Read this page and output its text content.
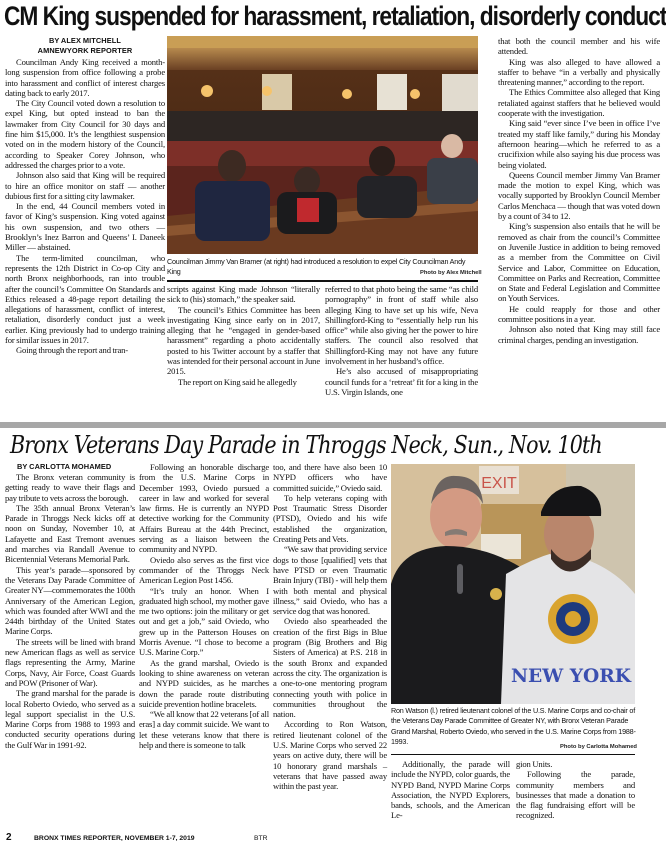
CM King suspended for harassment, retaliation, disorderly conduct
BY ALEX MITCHELL
AMNEWYORK REPORTER

Councilman Andy King received a month-long suspension from office following a probe into harassment and conflict of interest charges dating back to early 2017.

The City Council voted down a resolution to expel King, but opted instead to ban the lawmaker from City Council for 30 days and fine him $15,000. It’s the lengthiest suspension voted on in the modern history of the Council, according to Speaker Corey Johnson, who addressed the charges prior to a vote.

Johnson also said that King will be required to hire an office monitor on staff — another dubious first for a sitting city lawmaker.

In the end, 44 Council members voted in favor of King’s suspension. King voted against his own suspension, and two others — Brooklyn’s Inez Barron and Queens’ I. Daneek Miller — abstained.

The term-limited councilman, who represents the 12th District in Co-op City and north Bronx neighborhoods, ran into trouble after the council’s Committee On Standards and Ethics released a 48-page report detailing the allegations of harassment, conflict of interest, retaliation, disorderly conduct just a week earlier. King previously had to undergo training for similar issues in 2017.

Going through the report and tran-

Councilman Jimmy Van Bramer (at right) had introduced a resolution to expel City Councilman Andy King	Photo by Alex Mitchell

scripts against King made Johnson “literally sick to (his) stomach,” the speaker said.

The council’s Ethics Committee has been investigating King since early on in 2017, alleging that he “engaged in gender-based harassment” regarding a photo accidentally posted to his Twitter account by a staffer that was intended for their personal account in June 2015.

The report on King said he allegedly

referred to that photo being the same “as child pornography” in front of staff while also alleging King to have set up his wife, Neva Shillingford-King to “essentially help run his office” while also giving her the power to hire staffers. The council also resolved that Shillingford-King may not have any future involvement in her husband’s office.

He’s also accused of misappropriating council funds for a ‘retreat’ fit for a king in the U.S. Virgin Islands, one

that both the council member and his wife attended.

King was also alleged to have allowed a staffer to behave “in a verbally and physically threatening manner,” according to the report.

The Ethics Committee also alleged that King retaliated against staffers that he believed would cooperate with the investigation.

King said “ever since I’ve been in office I’ve treated my staff like family,” during his Monday afternoon hearing—which he referred to as a crucifixion while also saying his due process was being violated.

Queens Council member Jimmy Van Bramer made the motion to expel King, which was vocally supported by Brooklyn Council Member Carlos Menchaca — though that was voted down by a count of 34 to 12.

King’s suspension also entails that he will be removed as chair from the council’s Committee on Juvenile Justice in addition to being removed as a member from the Committee on Civil Service and Labor, Committee on Education, Committee on Parks and Recreation, Committee on State and Federal Legislation and Committee on Youth Services.

He could reapply for those and other committee positions in a year.

Johnson also noted that King may still face criminal charges, pending an investigation.

Bronx Veterans Day Parade in Throggs Neck, Sun., Nov. 10th
BY CARLOTTA MOHAMED

The Bronx veteran community is getting ready to wave their flags and pay tribute to vets across the borough.

The 35th annual Bronx Veteran’s Parade in Throggs Neck kicks off at noon on Sunday, November 10, at Lafayette and East Tremont avenues and marches via Randall Avenue to Bicentennial Veterans Memorial Park.

This year’s parade—sponsored by the Veterans Day Parade Committee of Greater NY—commemorates the 100th Anniversary of the American Legion, which was founded after WWI and the 244th birthday of the United States Marine Corps.

The streets will be lined with brand new American flags as well as service flags representing the Army, Marine Corps, Navy, Air Force, Coast Guards and POW (Prisoner of War).

The grand marshal for the parade is local Roberto Oviedo, who served as a legal support specialist in the U.S. Marine Corps from 1988 to 1993 and conducted security operations during the Gulf War in 1991-92.

Following an honorable discharge from the U.S. Marine Corps in December 1993, Oviedo pursued a career in law and worked for several law firms. He is currently an NYPD detective working for the Community Affairs Bureau at the 44th Precinct, serving as a liaison between the community and NYPD.

Oviedo also serves as the first vice commander of the Throggs Neck American Legion Post 1456.

“It’s truly an honor. When I graduated high school, my mother gave me two options: join the military or get out and get a job,” said Oviedo, who grew up in the Patterson Houses on Morris Avenue. “I chose to become a U.S. Marine Corp.”

As the grand marshal, Oviedo is looking to shine awareness on veteran and NYPD suicides, as he marches down the parade route distributing suicide prevention hotline bracelets.

“We all know that 22 veterans [of all eras] a day commit suicide. We want to let these veterans know that there is help and there is someone to talk

too, and there have also been 10 NYPD officers who have committed suicide,” Oviedo said.

To help veterans coping with Post Traumatic Stress Disorder (PTSD), Oviedo and his wife established the organization, Creating Pets and Vets.

“We saw that providing service dogs to those [qualified] vets that have PTSD or even Traumatic Brain Injury (TBI) - will help them with both mental and physical illness,” said Oviedo, who has a service dog that was honored.

Oviedo also spearheaded the creation of the first Bigs in Blue program (Big Brothers and Big Sisters of America) at P.S. 218 in the south Bronx and expanded across the city. The organization is a one-to-one mentoring program connecting youth with police in communities throughout the nation.

According to Ron Watson, retired lieutenant colonel of the U.S. Marine Corps who served 22 years on active duty, there will be 10 honorary grand marshals – veterans that have passed away within the past year.

EXIT
NEW YORK
Ron Watson (l.) retired lieutenant colonel of the U.S. Marine Corps and co-chair of the Veterans Day Parade Committee of Greater NY, with Bronx Veteran Parade Grand Marshal, Roberto Oviedo, who served in the U.S. Marine Corps from 1988-1993.
Photo by Carlotta Mohamed

Additionally, the parade will include the NYPD, color guards, the NYPD Band, NYPD Marine Corps Association, the NYPD Explorers, bands, schools, and the American Le-

gion Units.

Following the parade, community members and businesses that made a donation to the flag fundraising effort will be recognized.

2	BRONX TIMES REPORTER, NOVEMBER 1-7, 2019	BTR
